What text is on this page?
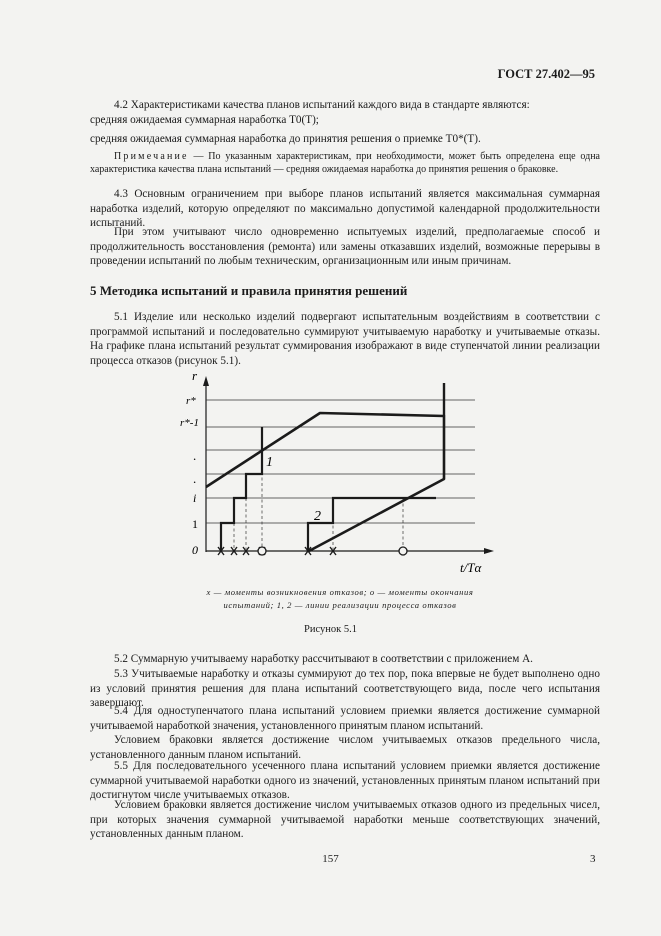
ГОСТ 27.402—95
4.2 Характеристиками качества планов испытаний каждого вида в стандарте являются:
средняя ожидаемая суммарная наработка T0(T);
средняя ожидаемая суммарная наработка до принятия решения о приемке T0*(T).
Примечание — По указанным характеристикам, при необходимости, может быть определена еще одна характеристика качества плана испытаний — средняя ожидаемая наработка до принятия решения о браковке.
4.3 Основным ограничением при выборе планов испытаний является максимальная суммарная наработка изделий, которую определяют по максимально допустимой календарной продолжительности испытаний.
При этом учитывают число одновременно испытуемых изделий, предполагаемые способ и продолжительность восстановления (ремонта) или замены отказавших изделий, возможные перерывы в проведении испытаний по любым техническим, организационным или иным причинам.
5 Методика испытаний и правила принятия решений
5.1 Изделие или несколько изделий подвергают испытательным воздействиям в соответствии с программой испытаний и последовательно суммируют учитываемую наработку и учитываемые отказы. На графике плана испытаний результат суммирования изображают в виде ступенчатой линии реализации процесса отказов (рисунок 5.1).
r
r*
r*-1
.
.
i
1
0
1
2
t/Tα
x — моменты возникновения отказов; o — моменты окончания
испытаний; 1, 2 — линии реализации процесса отказов
Рисунок 5.1
5.2 Суммарную учитываему наработку рассчитывают в соответствии с приложением А.
5.3 Учитываемые наработку и отказы суммируют до тех пор, пока впервые не будет выполнено одно из условий принятия решения для плана испытаний соответствующего вида, после чего испытания завершают.
5.4 Для одноступенчатого плана испытаний условием приемки является достижение суммарной учитываемой наработкой значения, установленного принятым планом испытаний.
Условием браковки является достижение числом учитываемых отказов предельного числа, установленного данным планом испытаний.
5.5 Для последовательного усеченного плана испытаний условием приемки является достижение суммарной учитываемой наработки одного из значений, установленных принятым планом испытаний при достигнутом числе учитываемых отказов.
Условием браковки является достижение числом учитываемых отказов одного из предельных чисел, при которых значения суммарной учитываемой наработки меньше соответствующих значений, установленных данным планом.
157	3
